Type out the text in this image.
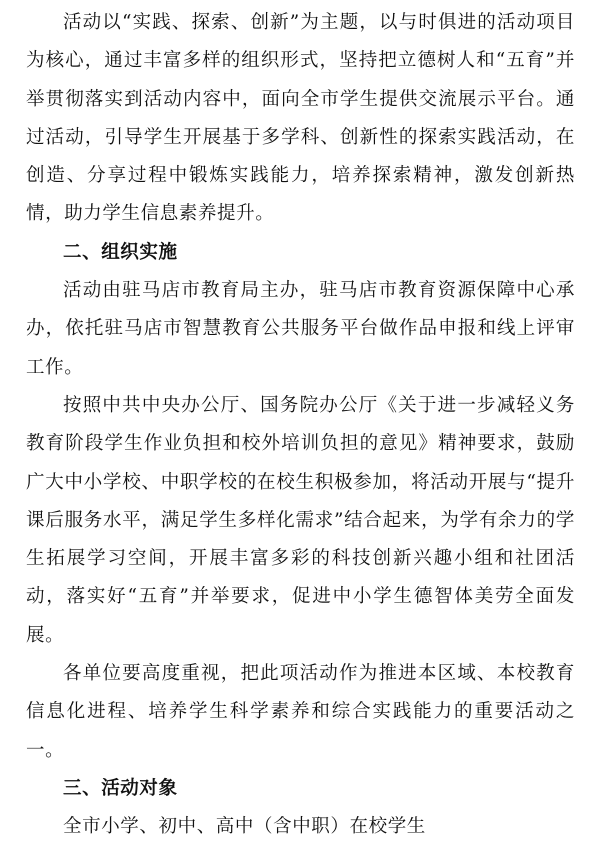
活动以“实践、探索、创新”为主题，以与时俱进的活动项目为核心，通过丰富多样的组织形式，坚持把立德树人和“五育”并举贯彻落实到活动内容中，面向全市学生提供交流展示平台。通过活动，引导学生开展基于多学科、创新性的探索实践活动，在创造、分享过程中锻炼实践能力，培养探索精神，激发创新热情，助力学生信息素养提升。

二、组织实施

活动由驻马店市教育局主办，驻马店市教育资源保障中心承办，依托驻马店市智慧教育公共服务平台做作品申报和线上评审工作。

按照中共中央办公厅、国务院办公厅《关于进一步减轻义务教育阶段学生作业负担和校外培训负担的意见》精神要求，鼓励广大中小学校、中职学校的在校生积极参加，将活动开展与“提升课后服务水平，满足学生多样化需求”结合起来，为学有余力的学生拓展学习空间，开展丰富多彩的科技创新兴趣小组和社团活动，落实好“五育”并举要求，促进中小学生德智体美劳全面发展。

各单位要高度重视，把此项活动作为推进本区域、本校教育信息化进程、培养学生科学素养和综合实践能力的重要活动之一。

三、活动对象

全市小学、初中、高中（含中职）在校学生
